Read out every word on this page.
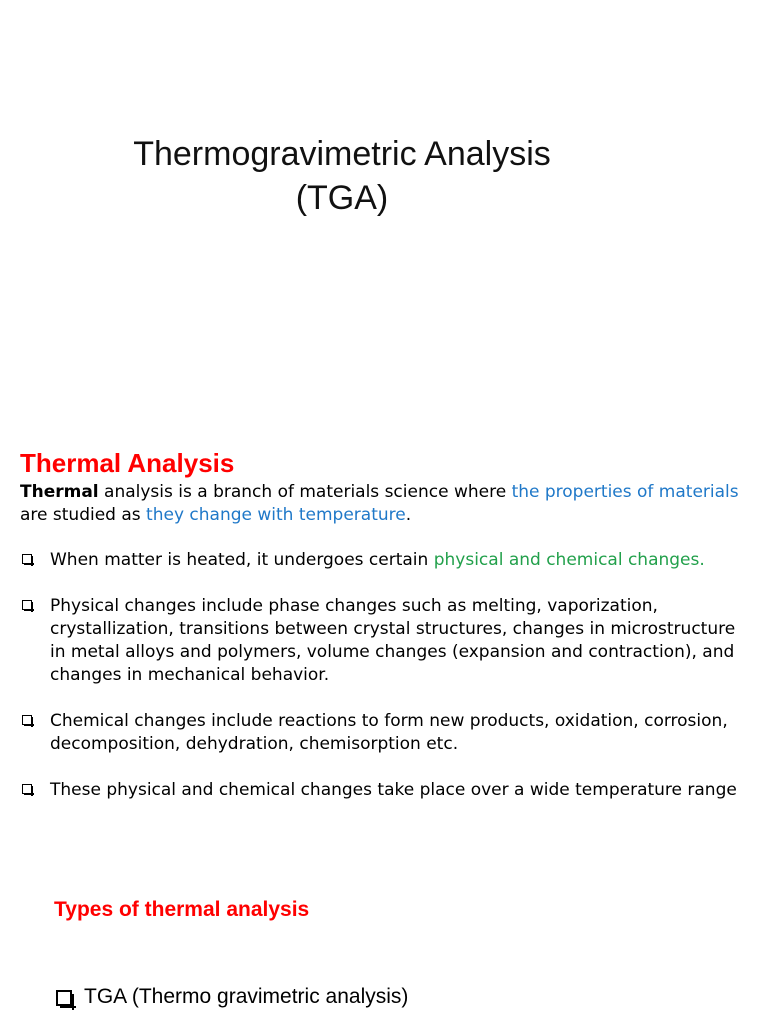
Thermogravimetric Analysis
(TGA)
Thermal Analysis
Thermal analysis is a branch of materials science where the properties of materials are studied as they change with temperature.
When matter is heated, it undergoes certain physical and chemical changes.
Physical changes include phase changes such as melting, vaporization, crystallization, transitions between crystal structures, changes in microstructure in metal alloys and polymers, volume changes (expansion and contraction), and changes in mechanical behavior.
Chemical changes include reactions to form new products, oxidation, corrosion, decomposition, dehydration, chemisorption etc.
These physical and chemical changes take place over a wide temperature range
Types of thermal analysis
TGA (Thermo gravimetric analysis)
